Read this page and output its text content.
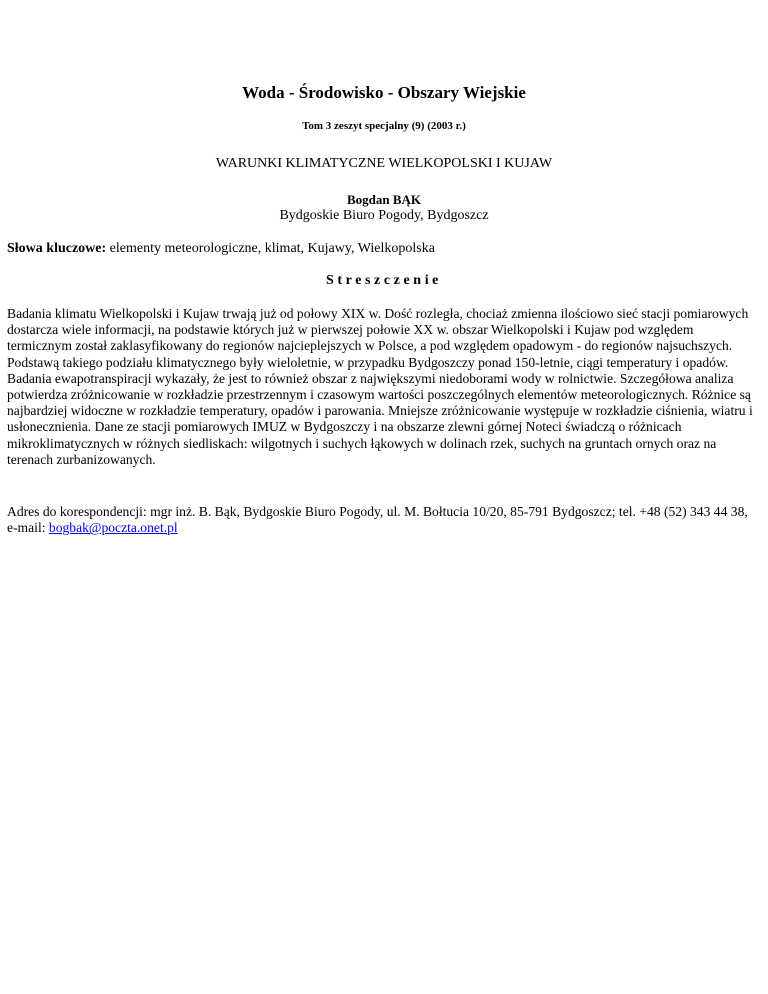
Woda - Środowisko - Obszary Wiejskie
Tom 3 zeszyt specjalny (9) (2003 r.)
WARUNKI KLIMATYCZNE WIELKOPOLSKI I KUJAW
Bogdan BĄK
Bydgoskie Biuro Pogody, Bydgoszcz
Słowa kluczowe: elementy meteorologiczne, klimat, Kujawy, Wielkopolska
Streszczenie

Badania klimatu Wielkopolski i Kujaw trwają już od połowy XIX w. Dość rozległa, chociaż zmienna ilościowo sieć stacji pomiarowych dostarcza wiele informacji, na podstawie których już w pierwszej połowie XX w. obszar Wielkopolski i Kujaw pod względem termicznym został zaklasyfikowany do regionów najcieplejszych w Polsce, a pod względem opadowym - do regionów najsuchszych. Podstawą takiego podziału klimatycznego były wieloletnie, w przypadku Bydgoszczy ponad 150-letnie, ciągi temperatury i opadów. Badania ewapotranspiracji wykazały, że jest to również obszar z największymi niedoborami wody w rolnictwie. Szczegółowa analiza potwierdza zróżnicowanie w rozkładzie przestrzennym i czasowym wartości poszczególnych elementów meteorologicznych. Różnice są najbardziej widoczne w rozkładzie temperatury, opadów i parowania. Mniejsze zróżnicowanie występuje w rozkładzie ciśnienia, wiatru i usłonecznienia. Dane ze stacji pomiarowych IMUZ w Bydgoszczy i na obszarze zlewni górnej Noteci świadczą o różnicach mikroklimatycznych w różnych siedliskach: wilgotnych i suchych łąkowych w dolinach rzek, suchych na gruntach ornych oraz na terenach zurbanizowanych.

Adres do korespondencji: mgr inż. B. Bąk, Bydgoskie Biuro Pogody, ul. M. Bołtucia 10/20, 85-791 Bydgoszcz; tel. +48 (52) 343 44 38, e-mail: bogbak@poczta.onet.pl
